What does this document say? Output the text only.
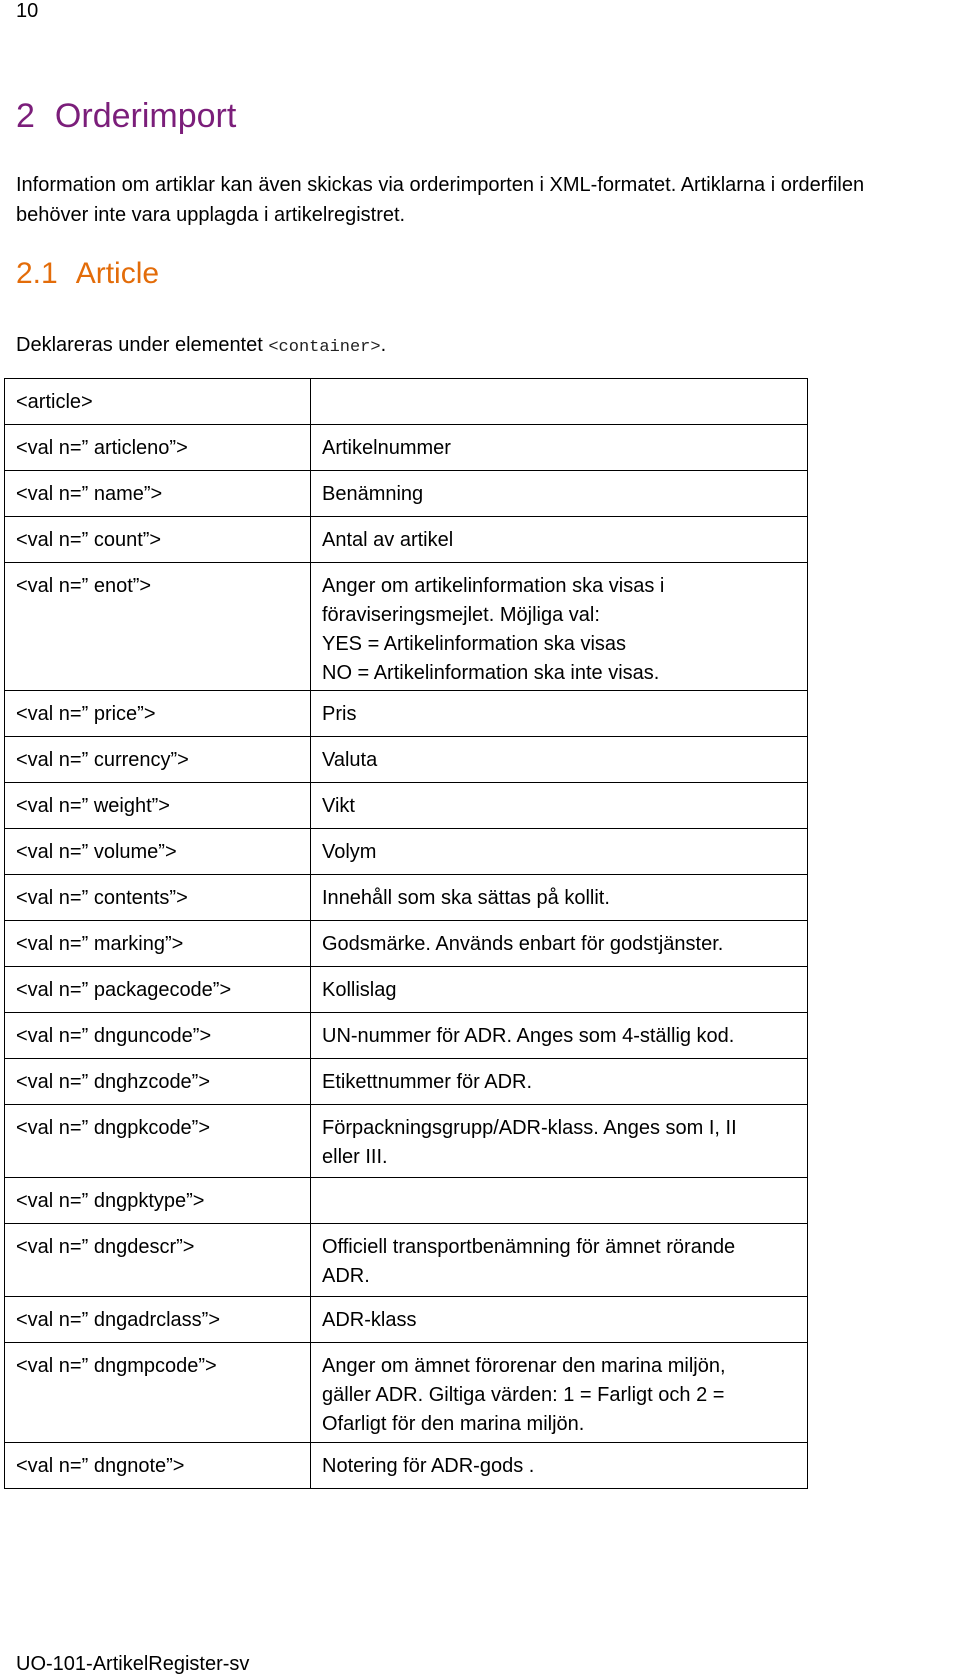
10
2 Orderimport

Information om artiklar kan även skickas via orderimporten i XML-formatet. Artiklarna i orderfilen

behöver inte vara upplagda i artikelregistret.

2.1 Article
Deklareras under elementet <container>.
<article>	

<val n=” articleno”>	Artikelnummer

<val n=” name”>	Benämning

<val n=” count”>	Antal av artikel

<val n=” enot”>	Anger om artikelinformation ska visas i
föraviseringsmejlet. Möjliga val:
YES = Artikelinformation ska visas
NO = Artikelinformation ska inte visas.

<val n=” price”>	Pris

<val n=” currency”>	Valuta

<val n=” weight”>	Vikt

<val n=” volume”>	Volym

<val n=” contents”>	Innehåll som ska sättas på kollit.

<val n=” marking”>	Godsmärke. Används enbart för godstjänster.

<val n=” packagecode”>	Kollislag

<val n=” dnguncode”>	UN-nummer för ADR. Anges som 4-ställig kod.

<val n=” dnghzcode”>	Etikettnummer för ADR.

<val n=” dngpkcode”>	Förpackningsgrupp/ADR-klass. Anges som I, II
eller III.

<val n=” dngpktype”>	

<val n=” dngdescr”>	Officiell transportbenämning för ämnet rörande
ADR.

<val n=” dngadrclass”>	ADR-klass

<val n=” dngmpcode”>	Anger om ämnet förorenar den marina miljön,
gäller ADR. Giltiga värden: 1 = Farligt och 2 =
Ofarligt för den marina miljön.

<val n=” dngnote”>	Notering för ADR-gods .
UO-101-ArtikelRegister-sv
